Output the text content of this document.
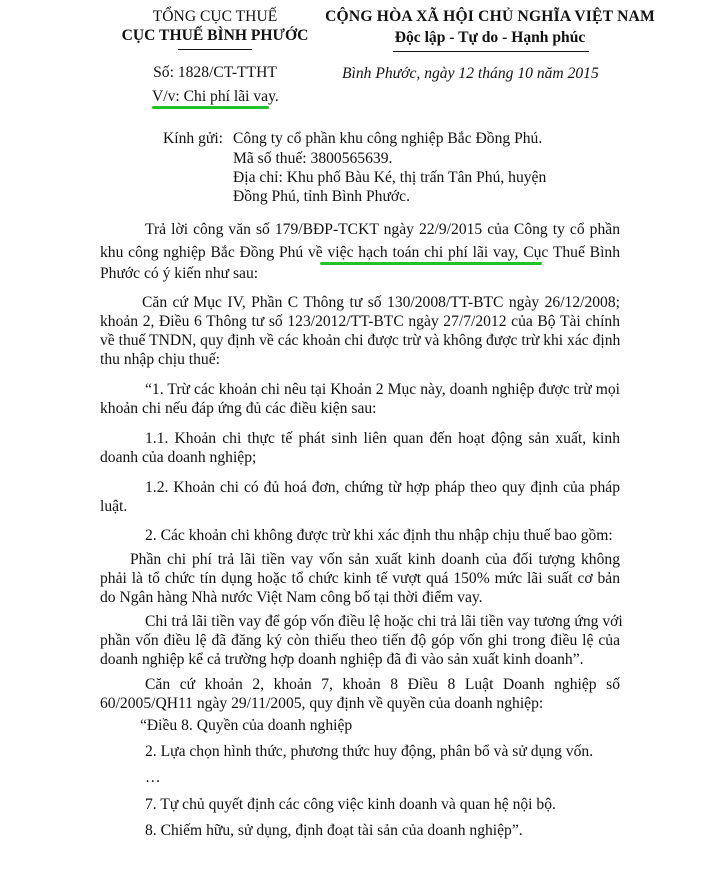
TỔNG CỤC THUẾ
CỤC THUẾ BÌNH PHƯỚC
CỘNG HÒA XÃ HỘI CHỦ NGHĨA VIỆT NAM
Độc lập - Tự do - Hạnh phúc
Số: 1828/CT-TTHT	Bình Phước, ngày 12 tháng 10 năm 2015
V/v: Chi phí lãi vay.
Kính gửi: Công ty cổ phần khu công nghiệp Bắc Đồng Phú.
Mã số thuế: 3800565639.
Địa chỉ: Khu phố Bàu Ké, thị trấn Tân Phú, huyện
Đồng Phú, tỉnh Bình Phước.
Trả lời công văn số 179/BĐP-TCKT ngày 22/9/2015 của Công ty cổ phần
khu công nghiệp Bắc Đồng Phú về việc hạch toán chi phí lãi vay, Cục Thuế Bình
Phước có ý kiến như sau:
Căn cứ Mục IV, Phần C Thông tư số 130/2008/TT-BTC ngày 26/12/2008;
khoản 2, Điều 6 Thông tư số 123/2012/TT-BTC ngày 27/7/2012 của Bộ Tài chính
về thuế TNDN, quy định về các khoản chi được trừ và không được trừ khi xác định
thu nhập chịu thuế:
“1. Trừ các khoản chi nêu tại Khoản 2 Mục này, doanh nghiệp được trừ mọi
khoản chi nếu đáp ứng đủ các điều kiện sau:
1.1. Khoản chi thực tế phát sinh liên quan đến hoạt động sản xuất, kinh
doanh của doanh nghiệp;
1.2. Khoản chi có đủ hoá đơn, chứng từ hợp pháp theo quy định của pháp
luật.
2. Các khoản chi không được trừ khi xác định thu nhập chịu thuế bao gồm:
Phần chi phí trả lãi tiền vay vốn sản xuất kinh doanh của đối tượng không
phải là tổ chức tín dụng hoặc tổ chức kinh tế vượt quá 150% mức lãi suất cơ bản
do Ngân hàng Nhà nước Việt Nam công bố tại thời điểm vay.
Chi trả lãi tiền vay để góp vốn điều lệ hoặc chi trả lãi tiền vay tương ứng với
phần vốn điều lệ đã đăng ký còn thiếu theo tiến độ góp vốn ghi trong điều lệ của
doanh nghiệp kể cả trường hợp doanh nghiệp đã đi vào sản xuất kinh doanh”.
Căn cứ khoản 2, khoản 7, khoản 8 Điều 8 Luật Doanh nghiệp số
60/2005/QH11 ngày 29/11/2005, quy định về quyền của doanh nghiệp:
“Điều 8. Quyền của doanh nghiệp
2. Lựa chọn hình thức, phương thức huy động, phân bổ và sử dụng vốn.
…
7. Tự chủ quyết định các công việc kinh doanh và quan hệ nội bộ.
8. Chiếm hữu, sử dụng, định đoạt tài sản của doanh nghiệp”.
